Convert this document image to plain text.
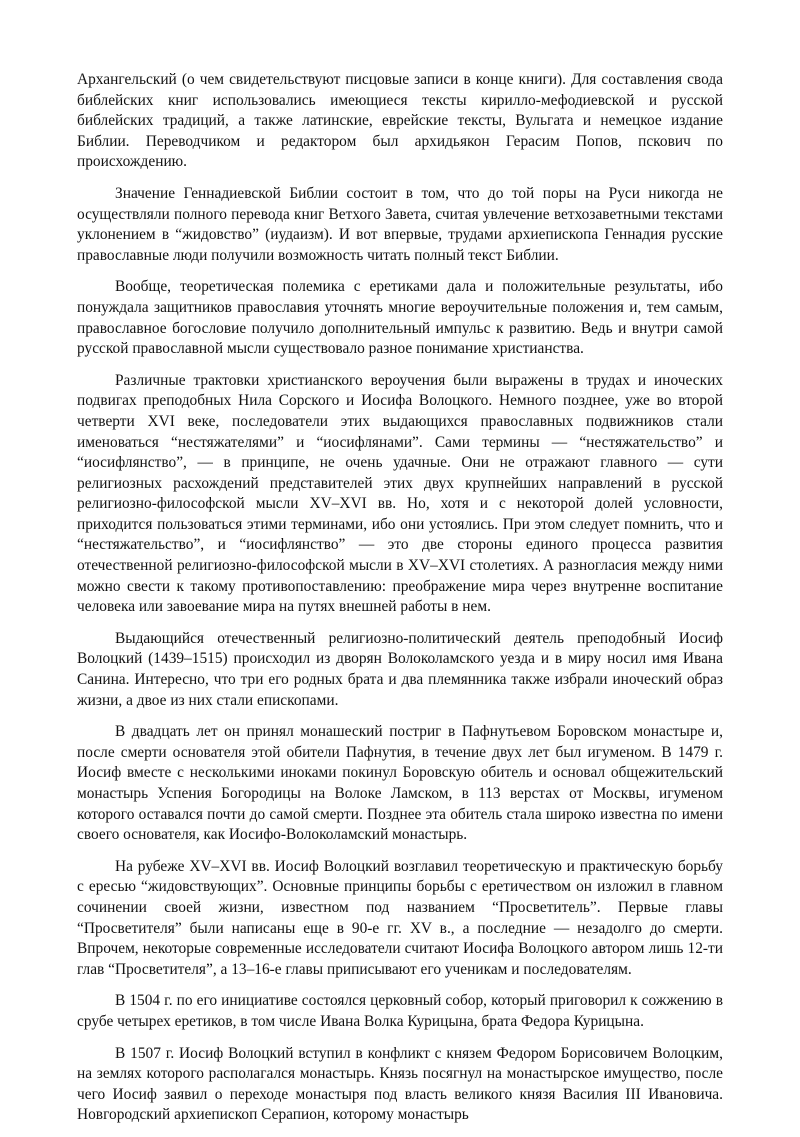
Архангельский (о чем свидетельствуют писцовые записи в конце книги). Для составления свода библейских книг использовались имеющиеся тексты кирилло-мефодиевской и русской библейских традиций, а также латинские, еврейские тексты, Вульгата и немецкое издание Библии. Переводчиком и редактором был архидьякон Герасим Попов, пскович по происхождению.

Значение Геннадиевской Библии состоит в том, что до той поры на Руси никогда не осуществляли полного перевода книг Ветхого Завета, считая увлечение ветхозаветными текстами уклонением в “жидовство” (иудаизм). И вот впервые, трудами архиепископа Геннадия русские православные люди получили возможность читать полный текст Библии.

Вообще, теоретическая полемика с еретиками дала и положительные результаты, ибо понуждала защитников православия уточнять многие вероучительные положения и, тем самым, православное богословие получило дополнительный импульс к развитию. Ведь и внутри самой русской православной мысли существовало разное понимание христианства.

Различные трактовки христианского вероучения были выражены в трудах и иноческих подвигах преподобных Нила Сорского и Иосифа Волоцкого. Немного позднее, уже во второй четверти XVI веке, последователи этих выдающихся православных подвижников стали именоваться “нестяжателями” и “иосифлянами”. Сами термины — “нестяжательство” и “иосифлянство”, — в принципе, не очень удачные. Они не отражают главного — сути религиозных расхождений представителей этих двух крупнейших направлений в русской религиозно-философской мысли XV–XVI вв. Но, хотя и с некоторой долей условности, приходится пользоваться этими терминами, ибо они устоялись. При этом следует помнить, что и “нестяжательство”, и “иосифлянство” — это две стороны единого процесса развития отечественной религиозно-философской мысли в XV–XVI столетиях. А разногласия между ними можно свести к такому противопоставлению: преображение мира через внутренне воспитание человека или завоевание мира на путях внешней работы в нем.

Выдающийся отечественный религиозно-политический деятель преподобный Иосиф Волоцкий (1439–1515) происходил из дворян Волоколамского уезда и в миру носил имя Ивана Санина. Интересно, что три его родных брата и два племянника также избрали иноческий образ жизни, а двое из них стали епископами.

В двадцать лет он принял монашеский постриг в Пафнутьевом Боровском монастыре и, после смерти основателя этой обители Пафнутия, в течение двух лет был игуменом. В 1479 г. Иосиф вместе с несколькими иноками покинул Боровскую обитель и основал общежительский монастырь Успения Богородицы на Волоке Ламском, в 113 верстах от Москвы, игуменом которого оставался почти до самой смерти. Позднее эта обитель стала широко известна по имени своего основателя, как Иосифо-Волоколамский монастырь.

На рубеже XV–XVI вв. Иосиф Волоцкий возглавил теоретическую и практическую борьбу с ересью “жидовствующих”. Основные принципы борьбы с еретичеством он изложил в главном сочинении своей жизни, известном под названием “Просветитель”. Первые главы “Просветителя” были написаны еще в 90-е гг. XV в., а последние — незадолго до смерти. Впрочем, некоторые современные исследователи считают Иосифа Волоцкого автором лишь 12-ти глав “Просветителя”, а 13–16-е главы приписывают его ученикам и последователям.

В 1504 г. по его инициативе состоялся церковный собор, который приговорил к сожжению в срубе четырех еретиков, в том числе Ивана Волка Курицына, брата Федора Курицына.

В 1507 г. Иосиф Волоцкий вступил в конфликт с князем Федором Борисовичем Волоцким, на землях которого располагался монастырь. Князь посягнул на монастырское имущество, после чего Иосиф заявил о переходе монастыря под власть великого князя Василия III Ивановича. Новгородский архиепископ Серапион, которому монастырь
